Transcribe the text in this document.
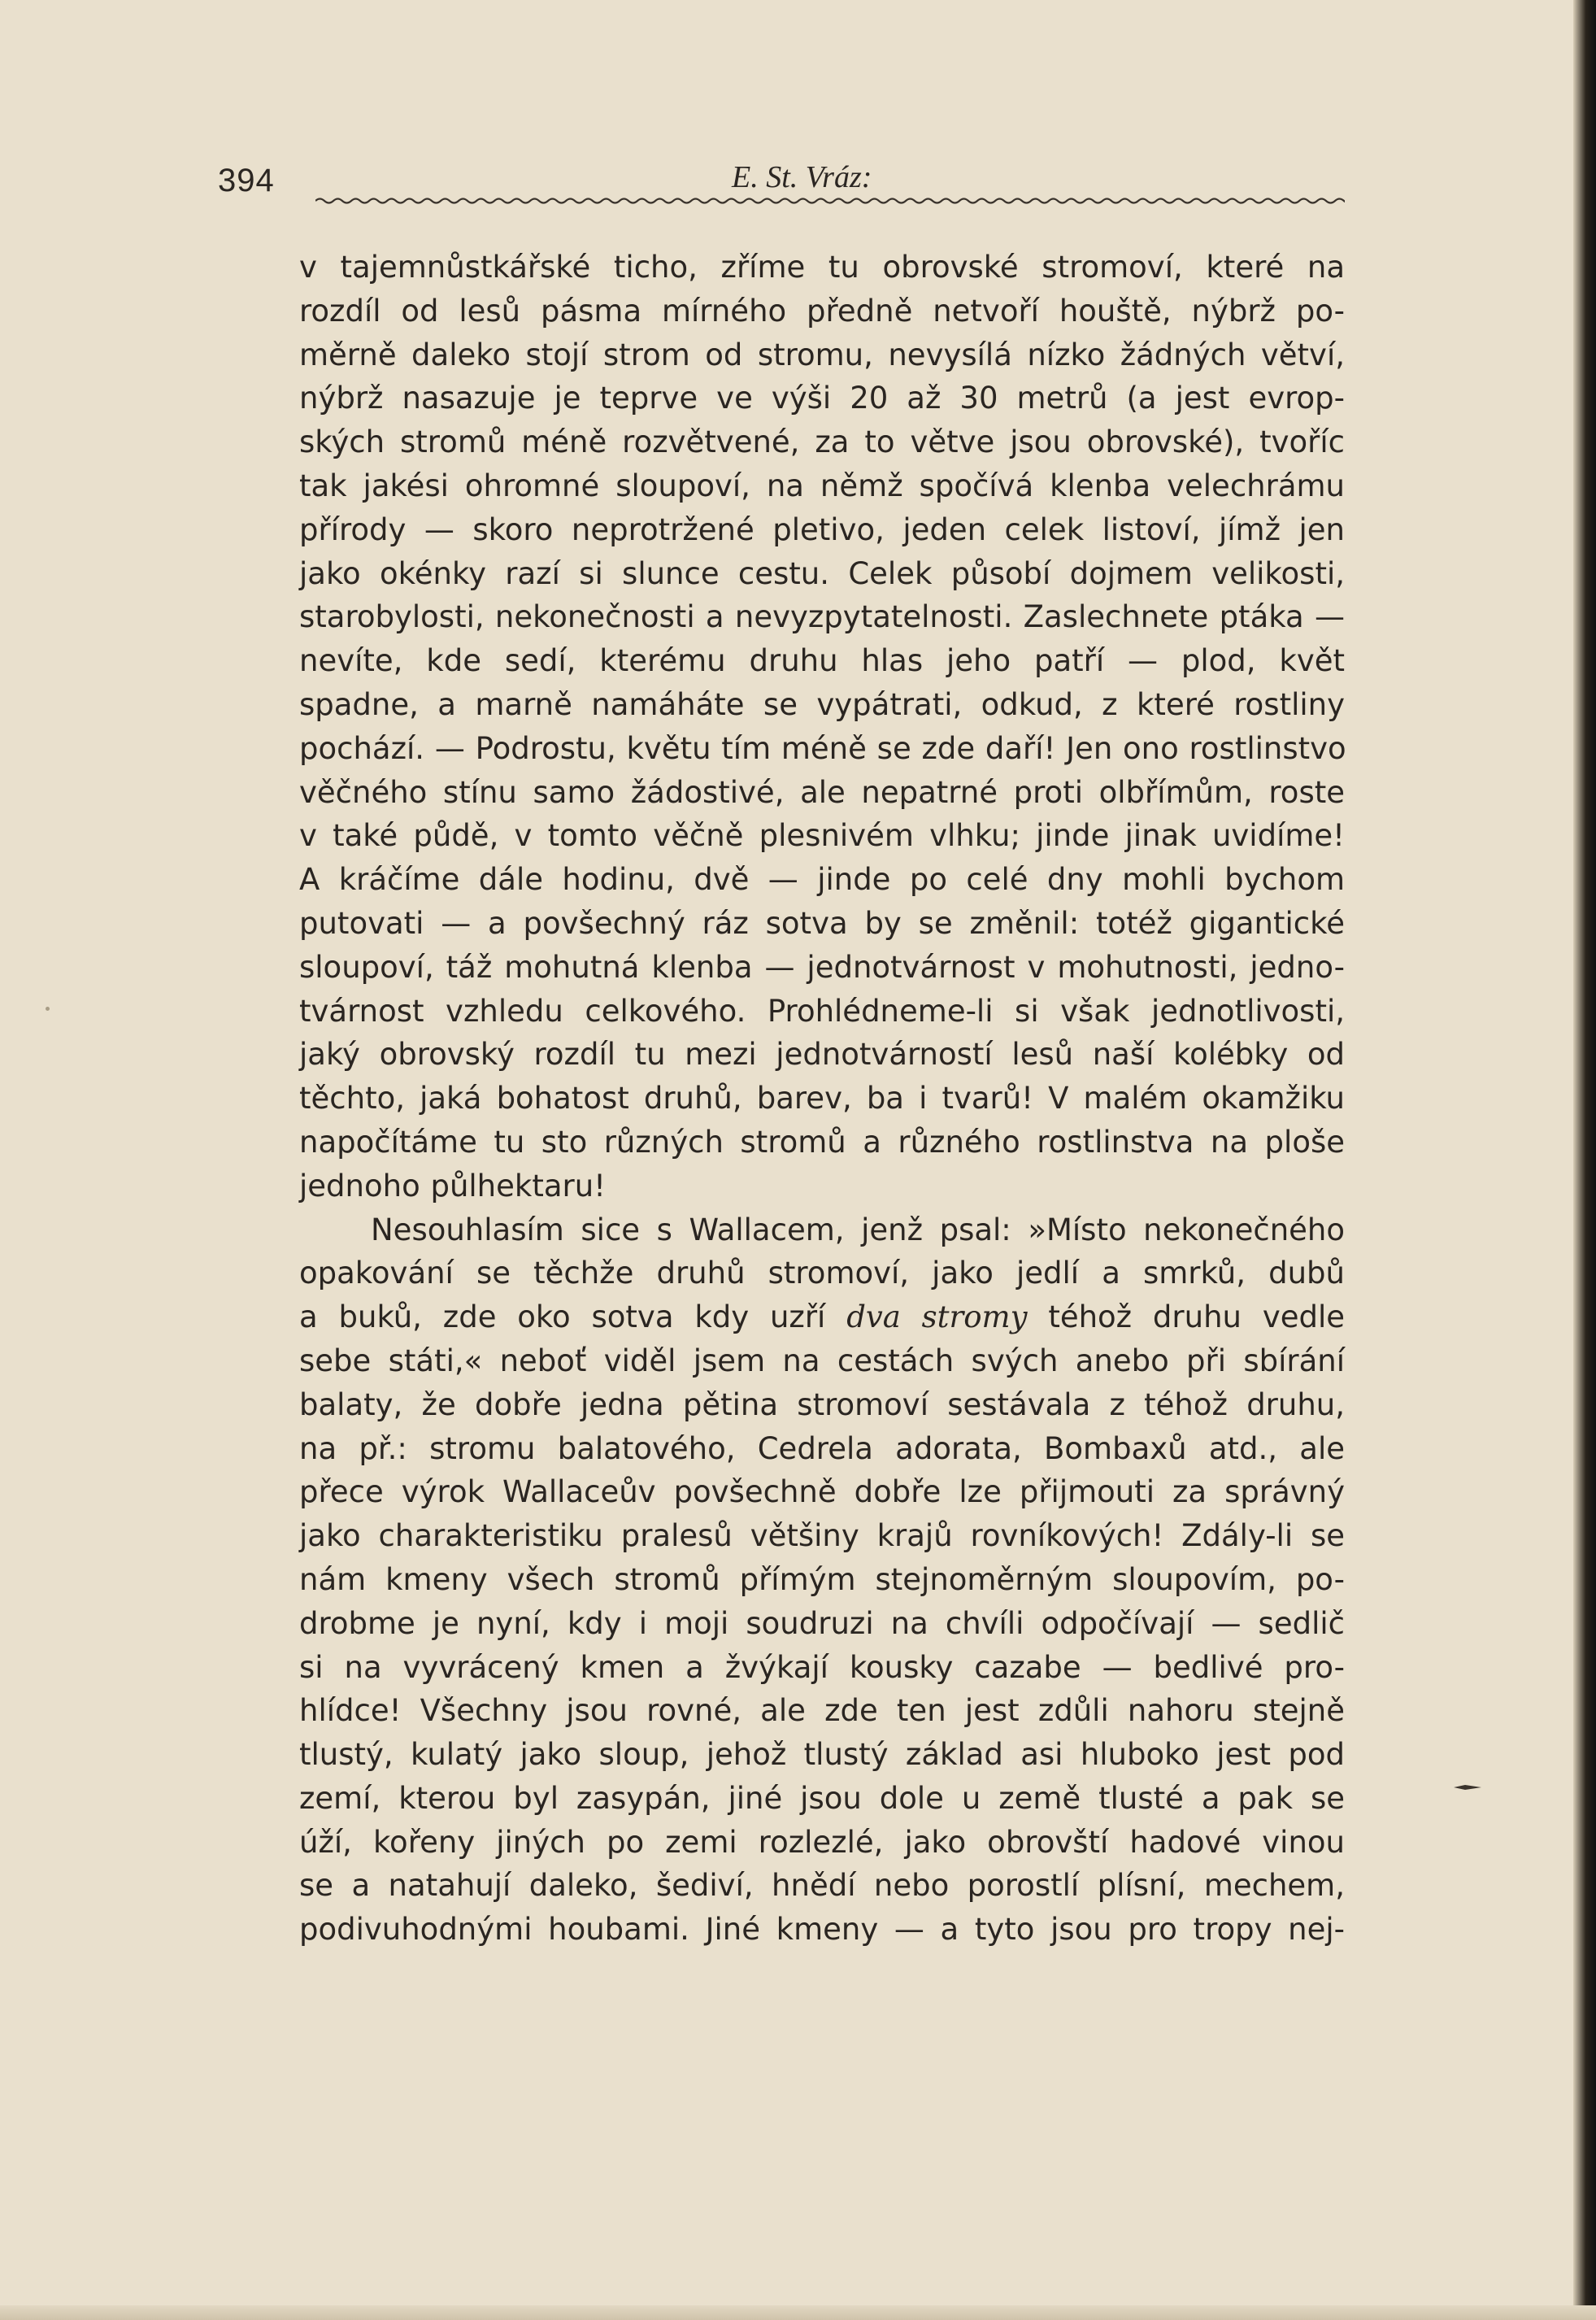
394	E. St. Vráz:
v tajemnůstkářské ticho, zříme tu obrovské stromoví, které na
rozdíl od lesů pásma mírného předně netvoří houště, nýbrž po-
měrně daleko stojí strom od stromu, nevysílá nízko žádných větví,
nýbrž nasazuje je teprve ve výši 20 až 30 metrů (a jest evrop-
ských stromů méně rozvětvené, za to větve jsou obrovské), tvoříc
tak jakési ohromné sloupoví, na němž spočívá klenba velechrámu
přírody — skoro neprotržené pletivo, jeden celek listoví, jímž jen
jako okénky razí si slunce cestu. Celek působí dojmem velikosti,
starobylosti, nekonečnosti a nevyzpytatelnosti. Zaslechnete ptáka —
nevíte, kde sedí, kterému druhu hlas jeho patří — plod, květ
spadne, a marně namáháte se vypátrati, odkud, z které rostliny
pochází. — Podrostu, květu tím méně se zde daří! Jen ono rostlinstvo
věčného stínu samo žádostivé, ale nepatrné proti olbřímům, roste
v také půdě, v tomto věčně plesnivém vlhku; jinde jinak uvidíme!
A kráčíme dále hodinu, dvě — jinde po celé dny mohli bychom
putovati — a povšechný ráz sotva by se změnil: totéž gigantické
sloupoví, táž mohutná klenba — jednotvárnost v mohutnosti, jedno-
tvárnost vzhledu celkového. Prohlédneme-li si však jednotlivosti,
jaký obrovský rozdíl tu mezi jednotvárností lesů naší kolébky od
těchto, jaká bohatost druhů, barev, ba i tvarů! V malém okamžiku
napočítáme tu sto různých stromů a různého rostlinstva na ploše
jednoho půlhektaru!
Nesouhlasím sice s Wallacem, jenž psal: »Místo nekonečného
opakování se těchže druhů stromoví, jako jedlí a smrků, dubů
a buků, zde oko sotva kdy uzří dva stromy téhož druhu vedle
sebe státi,« neboť viděl jsem na cestách svých anebo při sbírání
balaty, že dobře jedna pětina stromoví sestávala z téhož druhu,
na př.: stromu balatového, Cedrela adorata, Bombaxů atd., ale
přece výrok Wallaceův povšechně dobře lze přijmouti za správný
jako charakteristiku pralesů většiny krajů rovníkových! Zdály-li se
nám kmeny všech stromů přímým stejnoměrným sloupovím, po-
drobme je nyní, kdy i moji soudruzi na chvíli odpočívají — sedlič
si na vyvrácený kmen a žvýkají kousky cazabe — bedlivé pro-
hlídce! Všechny jsou rovné, ale zde ten jest zdůli nahoru stejně
tlustý, kulatý jako sloup, jehož tlustý základ asi hluboko jest pod
zemí, kterou byl zasypán, jiné jsou dole u země tlusté a pak se
úží, kořeny jiných po zemi rozlezlé, jako obrovští hadové vinou
se a natahují daleko, šediví, hnědí nebo porostlí plísní, mechem,
podivuhodnými houbami. Jiné kmeny — a tyto jsou pro tropy nej-
